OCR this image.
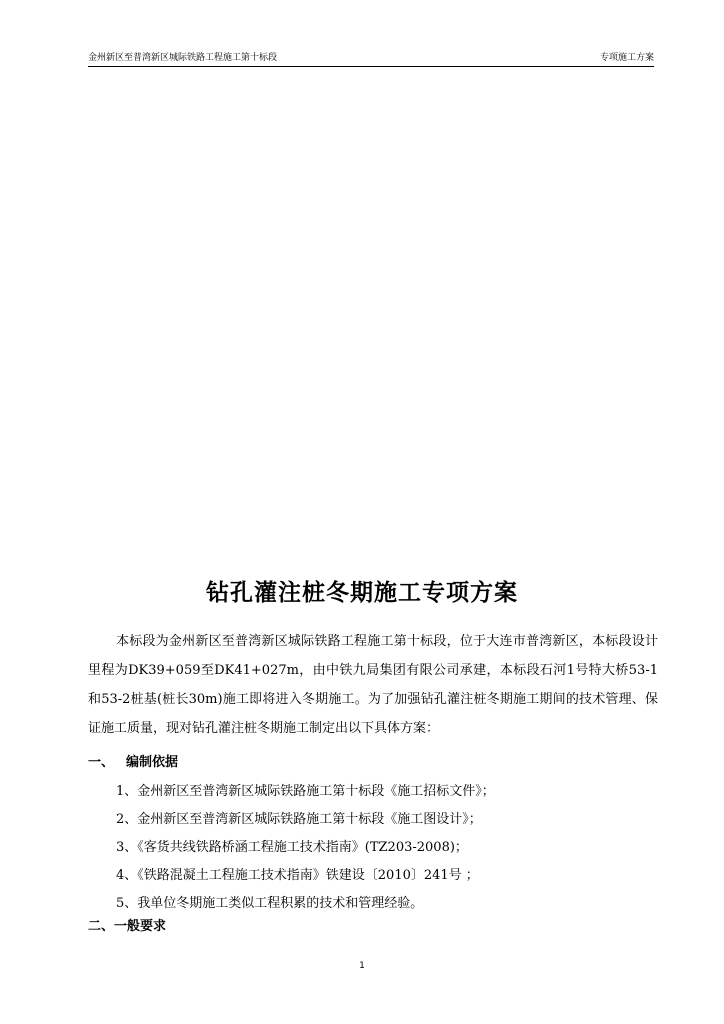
金州新区至普湾新区城际铁路工程施工第十标段	专项施工方案
钻孔灌注桩冬期施工专项方案

本标段为金州新区至普湾新区城际铁路工程施工第十标段，位于大连市普湾新区，本标段设计里程为DK39+059至DK41+027m，由中铁九局集团有限公司承建，本标段石河1号特大桥53-1和53-2桩基(桩长30m)施工即将进入冬期施工。为了加强钻孔灌注桩冬期施工期间的技术管理、保证施工质量，现对钻孔灌注桩冬期施工制定出以下具体方案：

一、 编制依据
1、金州新区至普湾新区城际铁路施工第十标段《施工招标文件》；
2、金州新区至普湾新区城际铁路施工第十标段《施工图设计》；
3、《客货共线铁路桥涵工程施工技术指南》(TZ203-2008)；
4、《铁路混凝土工程施工技术指南》铁建设〔2010〕241号 ；
5、我单位冬期施工类似工程积累的技术和管理经验。
二、一般要求
1
